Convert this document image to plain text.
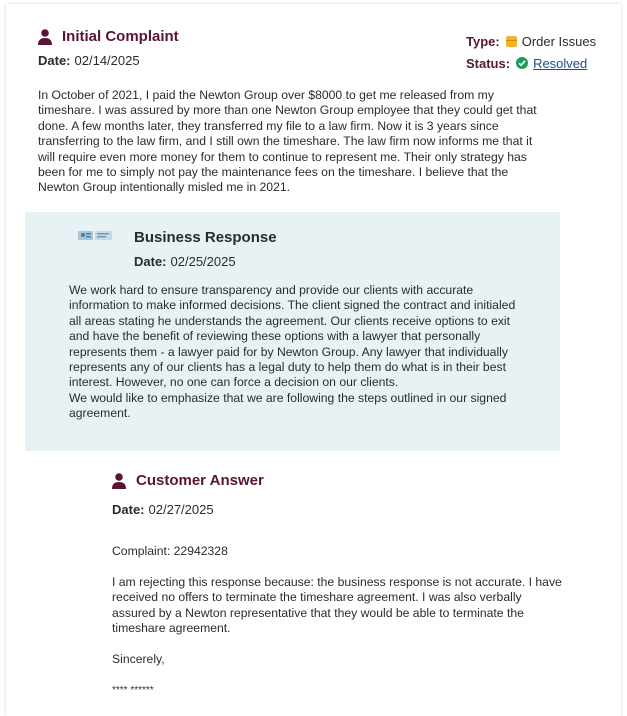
Initial Complaint
Date: 02/14/2025
Type: Order Issues
Status: Resolved
In October of 2021, I paid the Newton Group over $8000 to get me released from my timeshare. I was assured by more than one Newton Group employee that they could get that done. A few months later, they transferred my file to a law firm. Now it is 3 years since transferring to the law firm, and I still own the timeshare. The law firm now informs me that it will require even more money for them to continue to represent me. Their only strategy has been for me to simply not pay the maintenance fees on the timeshare. I believe that the Newton Group intentionally misled me in 2021.
Business Response
Date: 02/25/2025
We work hard to ensure transparency and provide our clients with accurate information to make informed decisions. The client signed the contract and initialed all areas stating he understands the agreement. Our clients receive options to exit and have the benefit of reviewing these options with a lawyer that personally represents them - a lawyer paid for by Newton Group. Any lawyer that individually represents any of our clients has a legal duty to help them do what is in their best interest. However, no one can force a decision on our clients.
We would like to emphasize that we are following the steps outlined in our signed agreement.
Customer Answer
Date: 02/27/2025

Complaint: 22942328

I am rejecting this response because: the business response is not accurate. I have received no offers to terminate the timeshare agreement. I was also verbally assured by a Newton representative that they would be able to terminate the timeshare agreement.

Sincerely,

**** ******
